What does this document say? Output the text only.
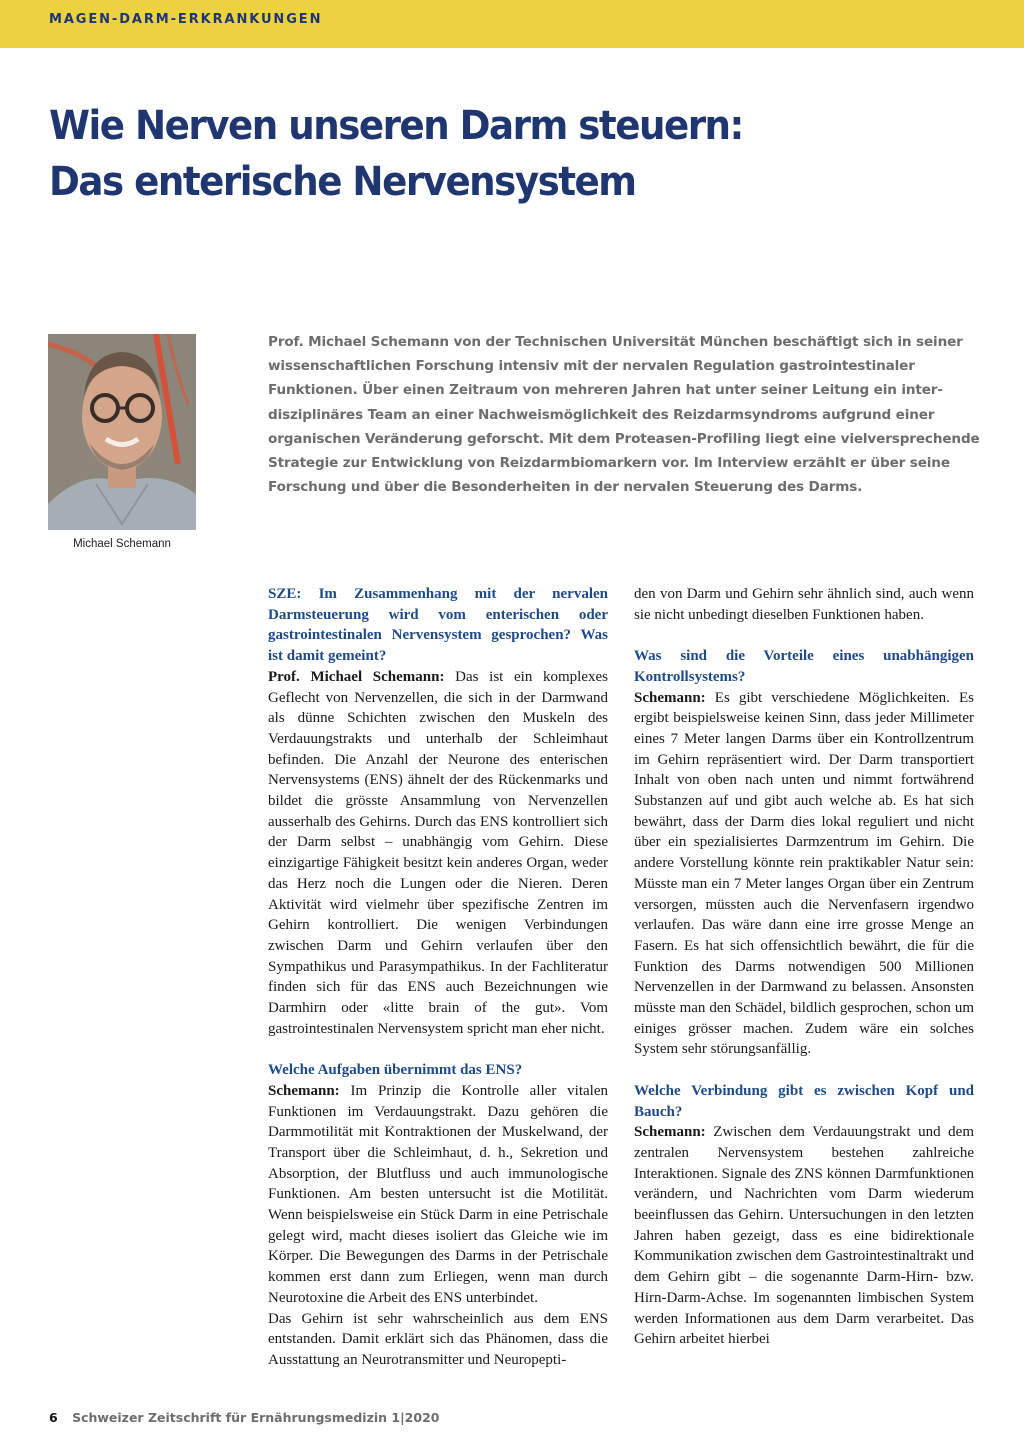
MAGEN-DARM-ERKRANKUNGEN
Wie Nerven unseren Darm steuern:
Das enterische Nervensystem
Michael Schemann
Prof. Michael Schemann von der Technischen Universität München beschäftigt sich in seiner
wissenschaftlichen Forschung intensiv mit der nervalen Regulation gastrointestinaler
Funktionen. Über einen Zeitraum von mehreren Jahren hat unter seiner Leitung ein inter-
disziplinäres Team an einer Nachweismöglichkeit des Reizdarmsyndroms aufgrund einer
organischen Veränderung geforscht. Mit dem Proteasen-Profiling liegt eine vielversprechende
Strategie zur Entwicklung von Reizdarmbiomarkern vor. Im Interview erzählt er über seine
Forschung und über die Besonderheiten in der nervalen Steuerung des Darms.

SZE: Im Zusammenhang mit der nervalen Darmsteuerung wird vom enterischen oder gastrointestinalen Nervensystem gesprochen? Was ist damit gemeint?

Prof. Michael Schemann: Das ist ein komplexes Geflecht von Nervenzellen, die sich in der Darmwand als dünne Schichten zwischen den Muskeln des Verdauungstrakts und unterhalb der Schleimhaut befinden. Die Anzahl der Neurone des enterischen Nervensystems (ENS) ähnelt der des Rückenmarks und bildet die grösste Ansammlung von Nervenzellen ausserhalb des Gehirns. Durch das ENS kontrolliert sich der Darm selbst – unabhängig vom Gehirn. Diese einzigartige Fähigkeit besitzt kein anderes Organ, weder das Herz noch die Lungen oder die Nieren. Deren Aktivität wird vielmehr über spezifische Zentren im Gehirn kontrolliert. Die wenigen Verbindungen zwischen Darm und Gehirn verlaufen über den Sympathikus und Parasympathikus. In der Fachliteratur finden sich für das ENS auch Bezeichnungen wie Darmhirn oder «litte brain of the gut». Vom gastrointestinalen Nervensystem spricht man eher nicht.

Welche Aufgaben übernimmt das ENS?

Schemann: Im Prinzip die Kontrolle aller vitalen Funktionen im Verdauungstrakt. Dazu gehören die Darmmotilität mit Kontraktionen der Muskelwand, der Transport über die Schleimhaut, d. h., Sekretion und Absorption, der Blutfluss und auch immunologische Funktionen. Am besten untersucht ist die Motilität. Wenn beispielsweise ein Stück Darm in eine Petrischale gelegt wird, macht dieses isoliert das Gleiche wie im Körper. Die Bewegungen des Darms in der Petrischale kommen erst dann zum Erliegen, wenn man durch Neurotoxine die Arbeit des ENS unterbindet.

Das Gehirn ist sehr wahrscheinlich aus dem ENS entstanden. Damit erklärt sich das Phänomen, dass die Ausstattung an Neurotransmitter und Neuropepti-

den von Darm und Gehirn sehr ähnlich sind, auch wenn sie nicht unbedingt dieselben Funktionen haben.

Was sind die Vorteile eines unabhängigen Kontrollsystems?

Schemann: Es gibt verschiedene Möglichkeiten. Es ergibt beispielsweise keinen Sinn, dass jeder Millimeter eines 7 Meter langen Darms über ein Kontrollzentrum im Gehirn repräsentiert wird. Der Darm transportiert Inhalt von oben nach unten und nimmt fortwährend Substanzen auf und gibt auch welche ab. Es hat sich bewährt, dass der Darm dies lokal reguliert und nicht über ein spezialisiertes Darmzentrum im Gehirn. Die andere Vorstellung könnte rein praktikabler Natur sein: Müsste man ein 7 Meter langes Organ über ein Zentrum versorgen, müssten auch die Nervenfasern irgendwo verlaufen. Das wäre dann eine irre grosse Menge an Fasern. Es hat sich offensichtlich bewährt, die für die Funktion des Darms notwendigen 500 Millionen Nervenzellen in der Darmwand zu belassen. Ansonsten müsste man den Schädel, bildlich gesprochen, schon um einiges grösser machen. Zudem wäre ein solches System sehr störungsanfällig.

Welche Verbindung gibt es zwischen Kopf und Bauch?

Schemann: Zwischen dem Verdauungstrakt und dem zentralen Nervensystem bestehen zahlreiche Interaktionen. Signale des ZNS können Darmfunktionen verändern, und Nachrichten vom Darm wiederum beeinflussen das Gehirn. Untersuchungen in den letzten Jahren haben gezeigt, dass es eine bidirektionale Kommunikation zwischen dem Gastrointestinaltrakt und dem Gehirn gibt – die sogenannte Darm-Hirn- bzw. Hirn-Darm-Achse. Im sogenannten limbischen System werden Informationen aus dem Darm verarbeitet. Das Gehirn arbeitet hierbei

6 Schweizer Zeitschrift für Ernährungsmedizin 1|2020
